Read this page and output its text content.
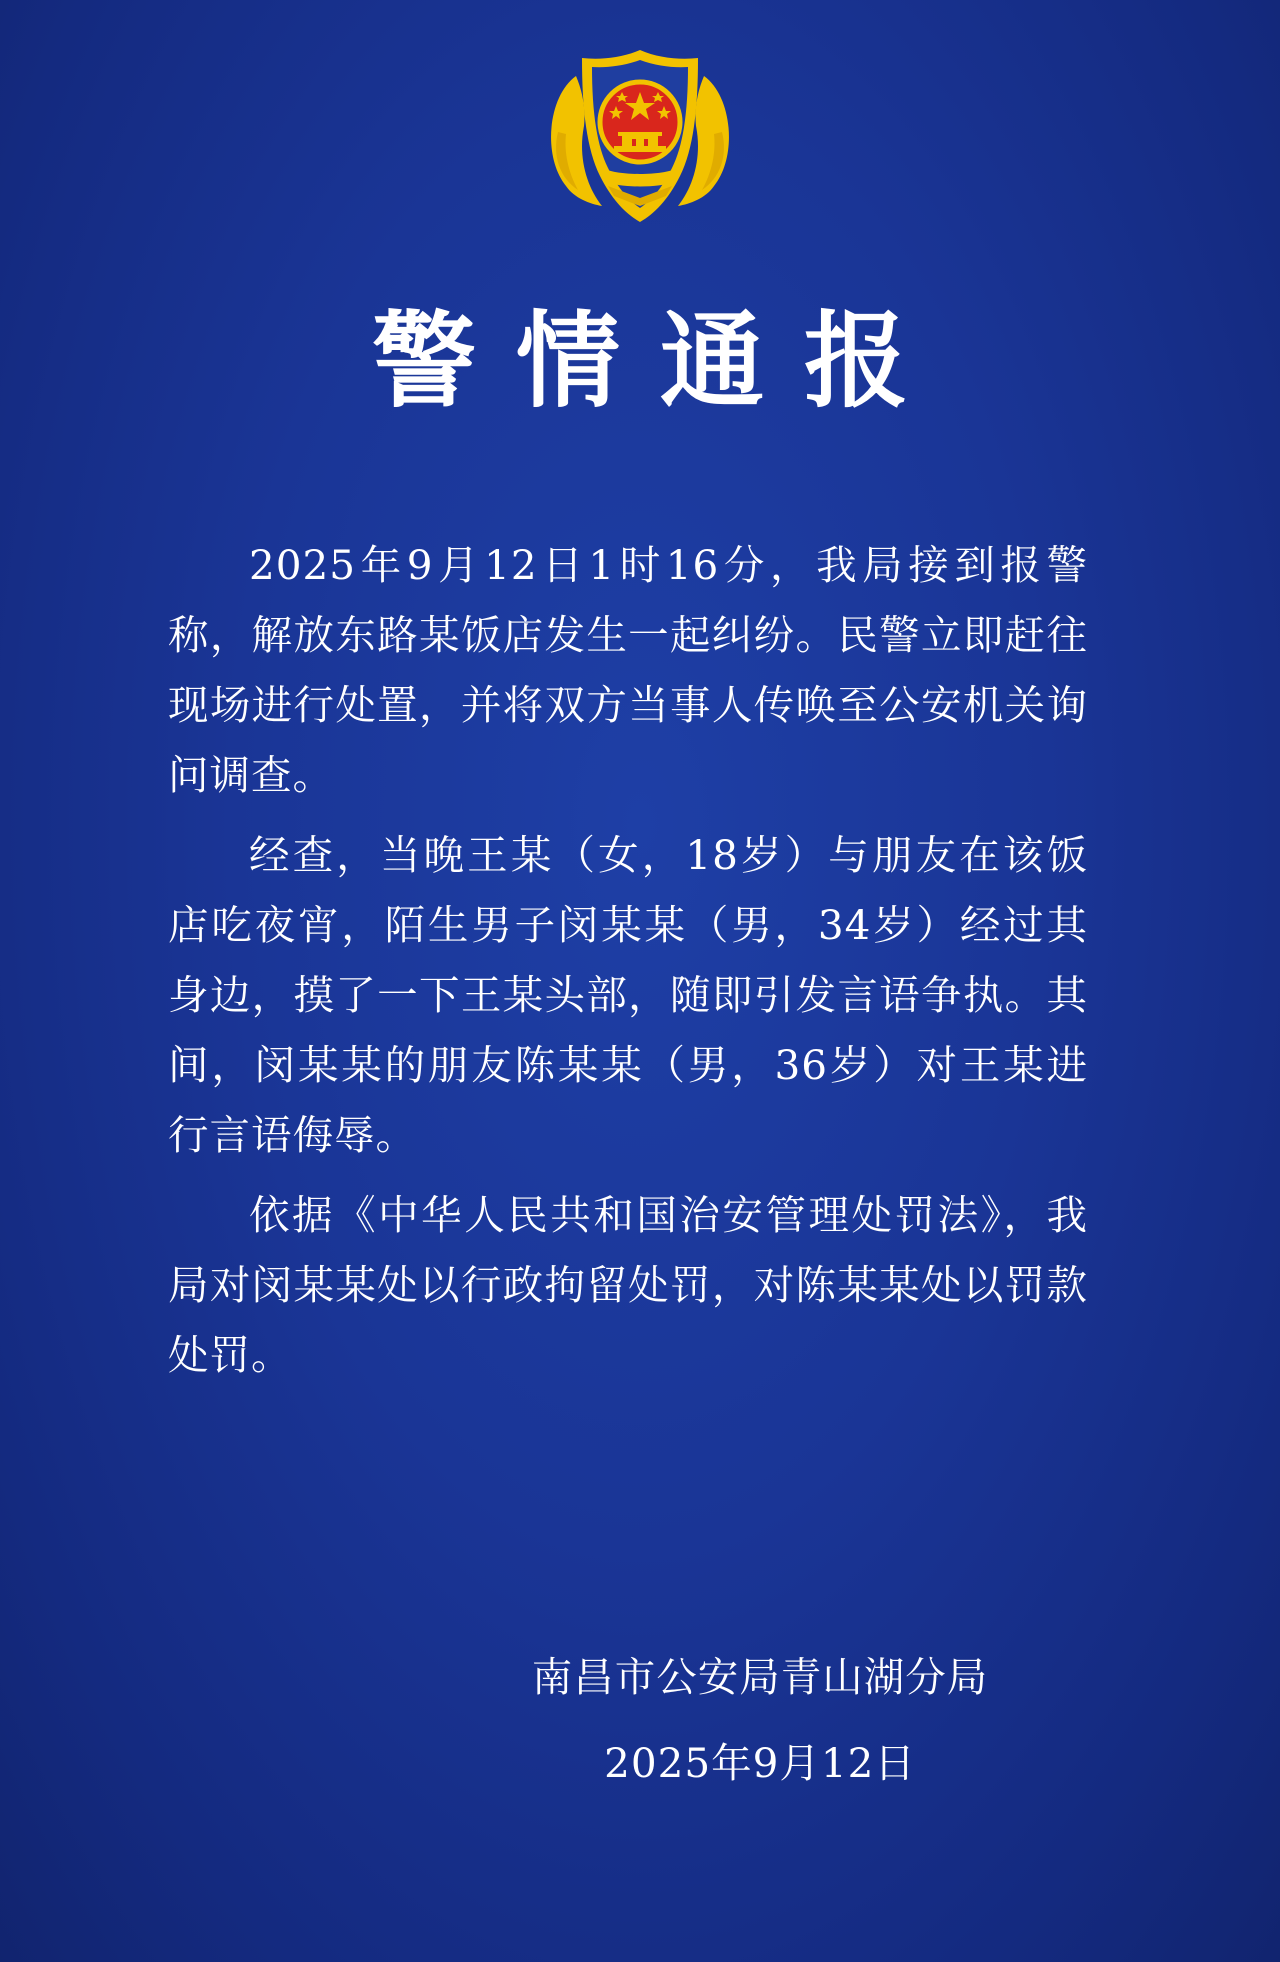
警情通报

2025年9月12日1时16分，我局接到报警称，解放东路某饭店发生一起纠纷。民警立即赶往现场进行处置，并将双方当事人传唤至公安机关询问调查。

经查，当晚王某（女，18岁）与朋友在该饭店吃夜宵，陌生男子闵某某（男，34岁）经过其身边，摸了一下王某头部，随即引发言语争执。其间，闵某某的朋友陈某某（男，36岁）对王某进行言语侮辱。

依据《中华人民共和国治安管理处罚法》，我局对闵某某处以行政拘留处罚，对陈某某处以罚款处罚。

南昌市公安局青山湖分局
2025年9月12日
